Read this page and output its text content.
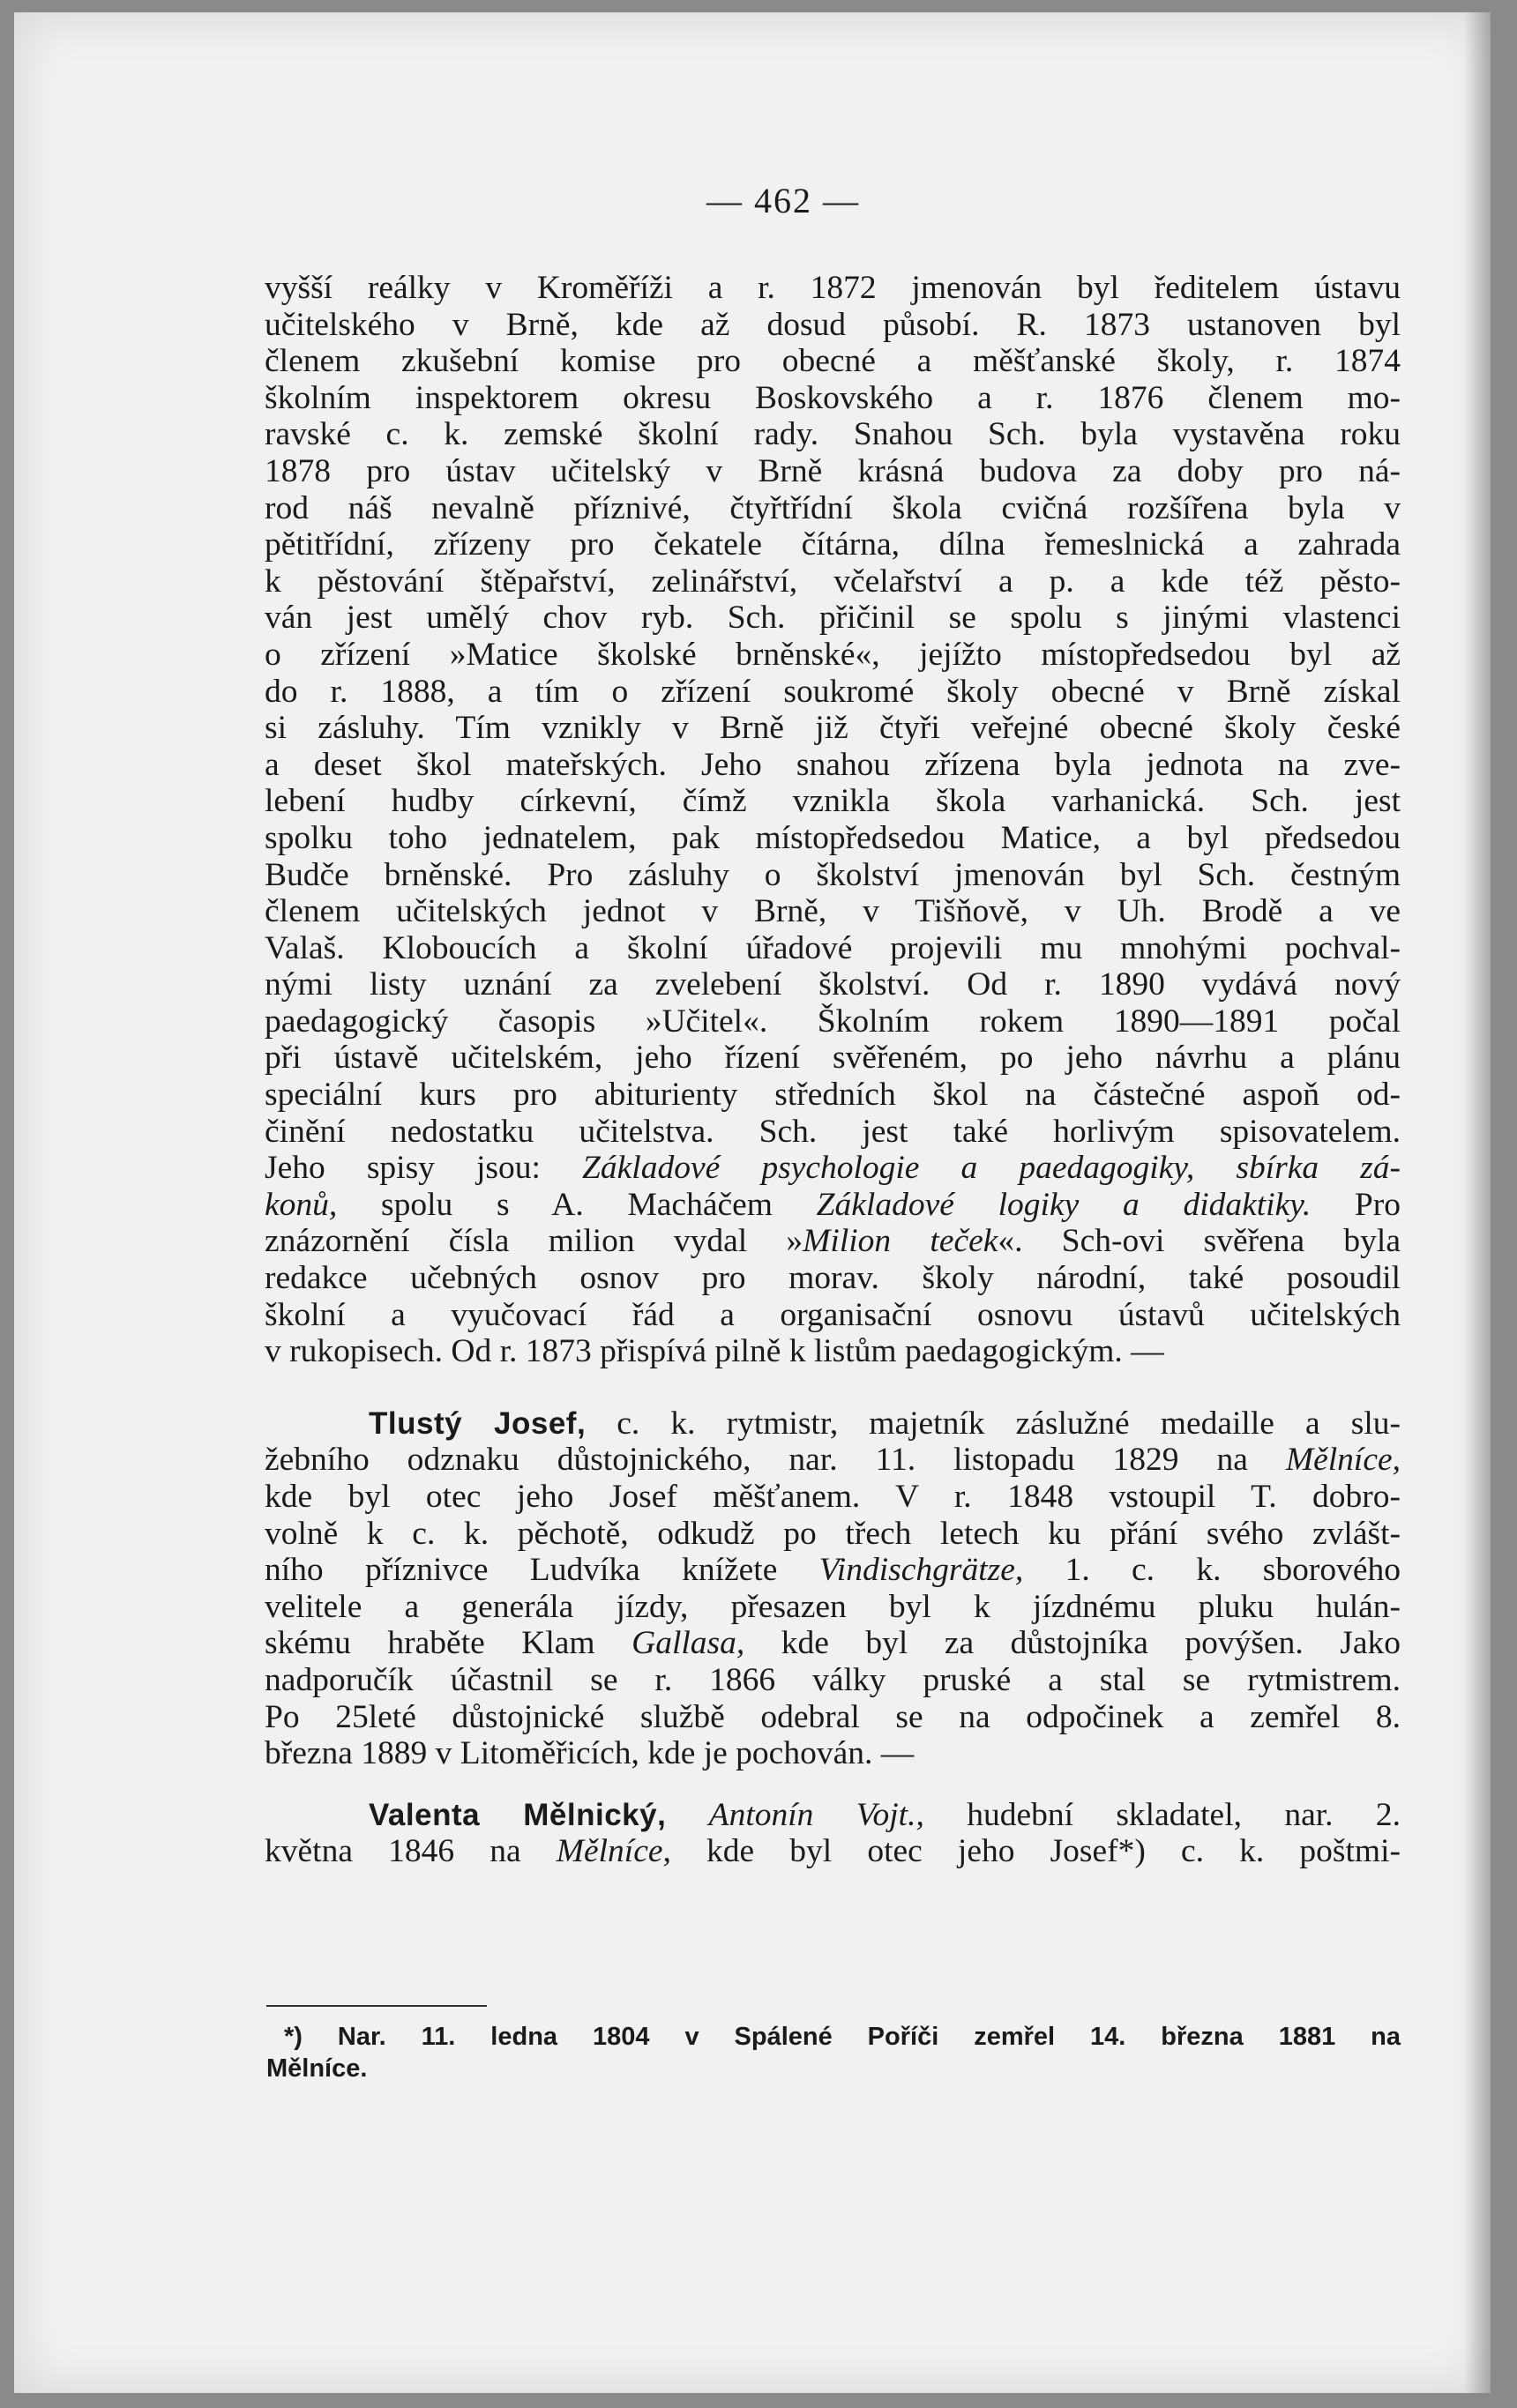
— 462 —
vyšší reálky v Kroměříži a r. 1872 jmenován byl ředitelem ústavu
učitelského v Brně, kde až dosud působí. R. 1873 ustanoven byl
členem zkušební komise pro obecné a měšťanské školy, r. 1874
školním inspektorem okresu Boskovského a r. 1876 členem mo-
ravské c. k. zemské školní rady. Snahou Sch. byla vystavěna roku
1878 pro ústav učitelský v Brně krásná budova za doby pro ná-
rod náš nevalně příznivé, čtyřtřídní škola cvičná rozšířena byla v
pětitřídní, zřízeny pro čekatele čítárna, dílna řemeslnická a zahrada
k pěstování štěpařství, zelinářství, včelařství a p. a kde též pěsto-
ván jest umělý chov ryb. Sch. přičinil se spolu s jinými vlastenci
o zřízení »Matice školské brněnské«, jejížto místopředsedou byl až
do r. 1888, a tím o zřízení soukromé školy obecné v Brně získal
si zásluhy. Tím vznikly v Brně již čtyři veřejné obecné školy české
a deset škol mateřských. Jeho snahou zřízena byla jednota na zve-
lebení hudby církevní, čímž vznikla škola varhanická. Sch. jest
spolku toho jednatelem, pak místopředsedou Matice, a byl předsedou
Budče brněnské. Pro zásluhy o školství jmenován byl Sch. čestným
členem učitelských jednot v Brně, v Tišňově, v Uh. Brodě a ve
Valaš. Kloboucích a školní úřadové projevili mu mnohými pochval-
nými listy uznání za zvelebení školství. Od r. 1890 vydává nový
paedagogický časopis »Učitel«. Školním rokem 1890—1891 počal
při ústavě učitelském, jeho řízení svěřeném, po jeho návrhu a plánu
speciální kurs pro abiturienty středních škol na částečné aspoň od-
činění nedostatku učitelstva. Sch. jest také horlivým spisovatelem.
Jeho spisy jsou: Základové psychologie a paedagogiky, sbírka zá-
konů, spolu s A. Macháčem Základové logiky a didaktiky. Pro
znázornění čísla milion vydal »Milion teček«. Sch-ovi svěřena byla
redakce učebných osnov pro morav. školy národní, také posoudil
školní a vyučovací řád a organisační osnovu ústavů učitelských
v rukopisech. Od r. 1873 přispívá pilně k listům paedagogickým. —
Tlustý Josef, c. k. rytmistr, majetník záslužné medaille a slu-
žebního odznaku důstojnického, nar. 11. listopadu 1829 na Mělníce,
kde byl otec jeho Josef měšťanem. V r. 1848 vstoupil T. dobro-
volně k c. k. pěchotě, odkudž po třech letech ku přání svého zvlášt-
ního příznivce Ludvíka knížete Vindischgrätze, 1. c. k. sborového
velitele a generála jízdy, přesazen byl k jízdnému pluku hulán-
skému hraběte Klam Gallasa, kde byl za důstojníka povýšen. Jako
nadporučík účastnil se r. 1866 války pruské a stal se rytmistrem.
Po 25leté důstojnické službě odebral se na odpočinek a zemřel 8.
března 1889 v Litoměřicích, kde je pochován. —
Valenta Mělnický, Antonín Vojt., hudební skladatel, nar. 2.
května 1846 na Mělníce, kde byl otec jeho Josef*) c. k. poštmi-
*) Nar. 11. ledna 1804 v Spálené Poříči zemřel 14. března 1881 na
Mělníce.
